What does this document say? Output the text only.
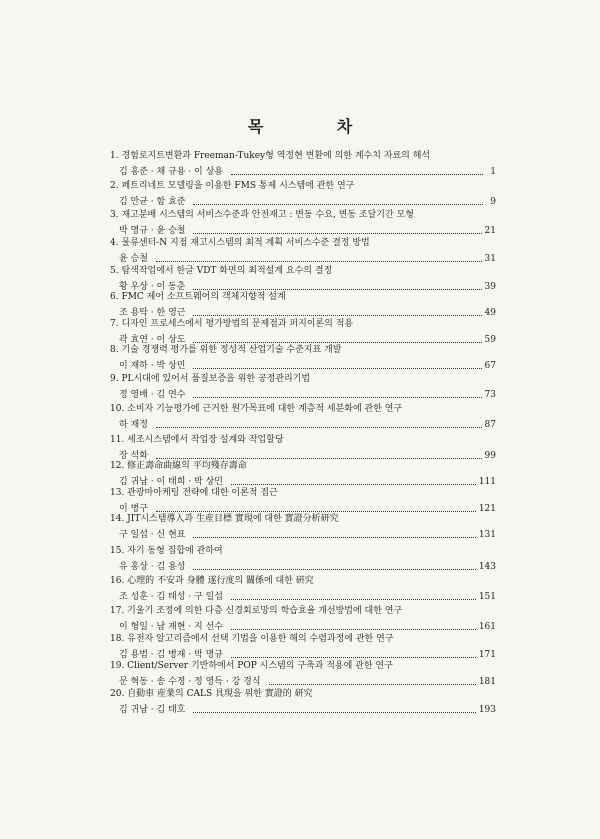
목 차
1. 경험로지트변환과 Freeman-Tukey형 역정현 변환에 의한 계수치 자료의 해석
김 홍준 · 채 규용 · 이 상용	1
2. 페트리네트 모델링을 이용한 FMS 통제 시스템에 관한 연구
김 만균 · 함 효준	9
3. 재고분배 시스템의 서비스수준과 안전재고 : 변동 수요, 변동 조달기간 모형
박 명규 · 윤 승철	21
4. 물류센터-N 지점 재고시스템의 최적 계획 서비스수준 결정 방법
윤 승철	31
5. 탐색작업에서 한글 VDT 화면의 최적설계 요수의 결정
황 우상 · 이 동춘	39
6. FMC 제어 소프트웨어의 객체지향적 설계
조 용탁 · 한 영근	49
7. 디자인 프로세스에서 평가방법의 문제점과 퍼지이론의 적용
곽 효연 · 이 상도	59
8. 기술 경쟁력 평가를 위한 정성적 산업기술 수준지표 개발
이 재하 · 박 상민	67
9. PL시대에 있어서 품질보증을 위한 공정관리기법
정 영배 · 김 연수	73
10. 소비자 기능평가에 근거한 원가목표에 대한 계층적 세분화에 관한 연구
하 재정	87
11. 세조시스템에서 작업장 설계와 작업할당
장 석화	99
12. 修正壽命曲線의 平均殘存壽命
김 귀남 · 이 태희 · 박 상민	111
13. 관광마아케팅 전략에 대한 이론적 접근
이 병구	121
14. JIT시스템導入과 生産目標 實現에 대한 實證分析研究
구 일섭 · 신 현표	131
15. 자기 동형 집합에 관하여
유 홍상 · 김 용성	143
16. 心理的 不安과 身體 遂行度의 關係에 대한 硏究
조 성훈 · 김 태성 · 구 일섭	151
17. 기울기 조정에 의한 다층 신경회로망의 학습효율 개선방법에 대한 연구
이 형일 · 남 재현 · 지 선수	161
18. 유전자 알고리즘에서 선택 기법을 이용한 해의 수렴과정에 관한 연구
김 용범 · 김 병재 · 박 명규	171
19. Client/Server 기반하에서 POP 시스템의 구축과 적용에 관한 연구
문 혁동 · 송 수정 · 정 영득 · 강 경식	181
20. 自動車 産業의 CALS 具現을 위한 實證的 研究
김 귀남 · 김 태호	193
